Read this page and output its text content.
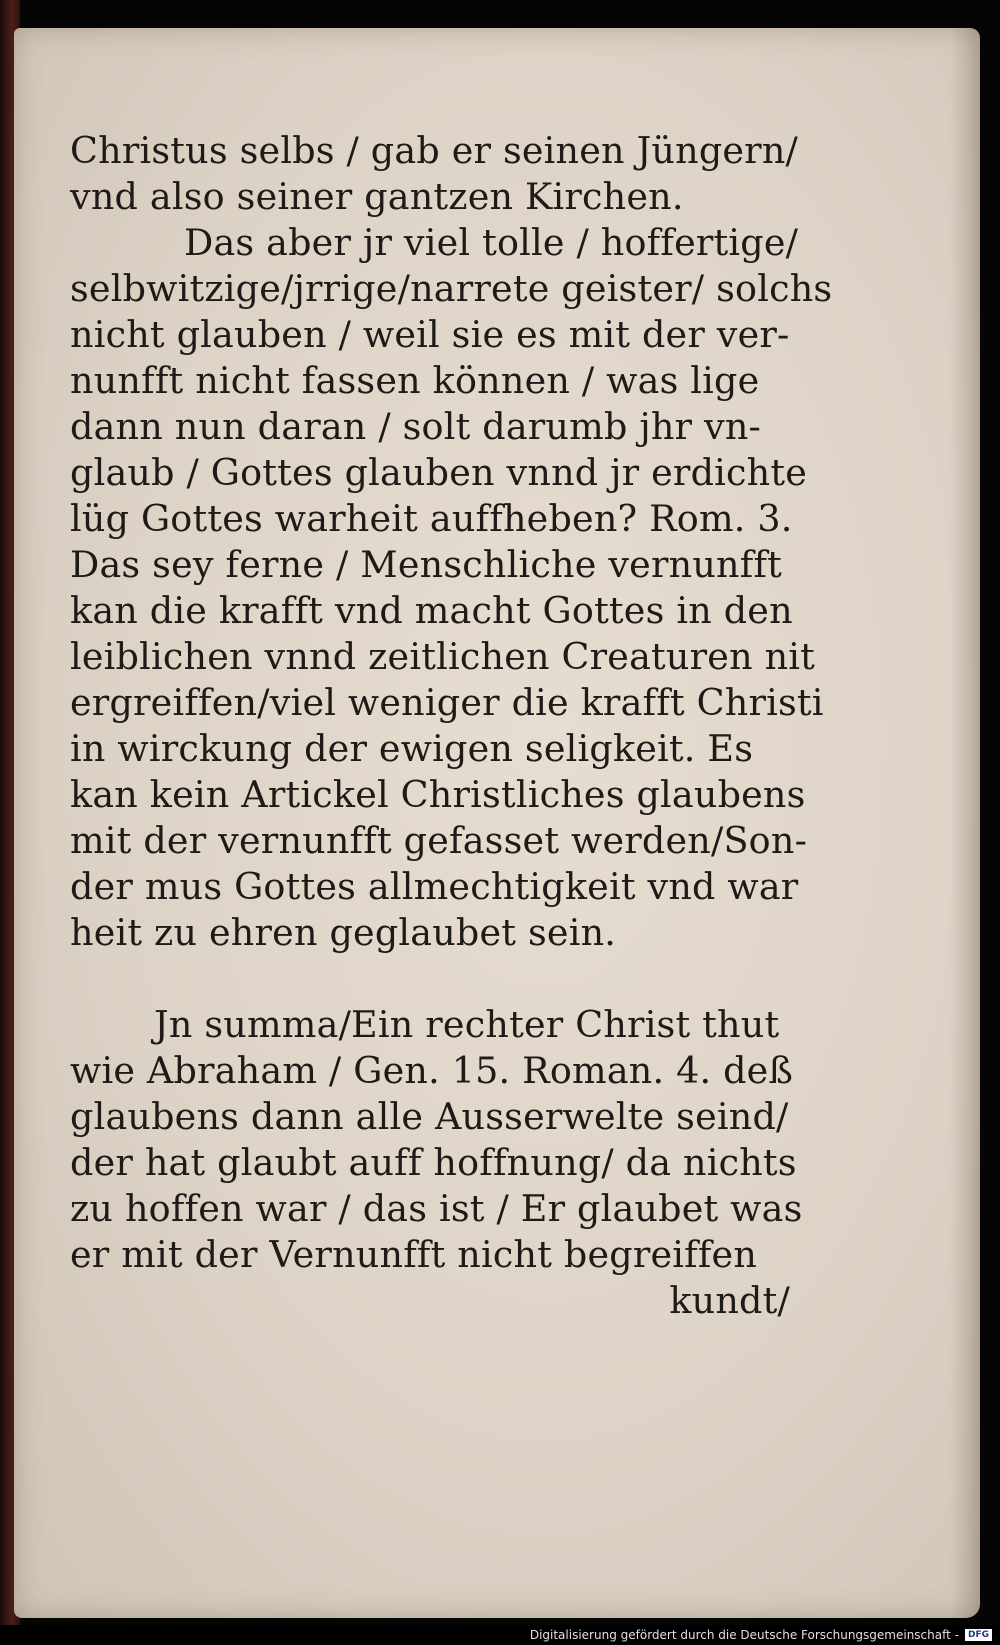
Christus selbs / gab er seinen Jüngern/
vnd also seiner gantzen Kirchen.
Das aber jr viel tolle / hoffertige/
selbwitzige/jrrige/narrete geister/ solchs
nicht glauben / weil sie es mit der ver-
nunfft nicht fassen können / was lige
dann nun daran / solt darumb jhr vn-
glaub / Gottes glauben vnnd jr erdichte
lüg Gottes warheit auffheben? Rom. 3.
Das sey ferne / Menschliche vernunfft
kan die krafft vnd macht Gottes in den
leiblichen vnnd zeitlichen Creaturen nit
ergreiffen/viel weniger die krafft Christi
in wirckung der ewigen seligkeit. Es
kan kein Artickel Christliches glaubens
mit der vernunfft gefasset werden/Son-
der mus Gottes allmechtigkeit vnd war
heit zu ehren geglaubet sein.
Jn summa/Ein rechter Christ thut
wie Abraham / Gen. 15. Roman. 4. deß
glaubens dann alle Ausserwelte seind/
der hat glaubt auff hoffnung/ da nichts
zu hoffen war / das ist / Er glaubet was
er mit der Vernunfft nicht begreiffen
kundt/
Digitalisierung gefördert durch die Deutsche Forschungsgemeinschaft - DFG
